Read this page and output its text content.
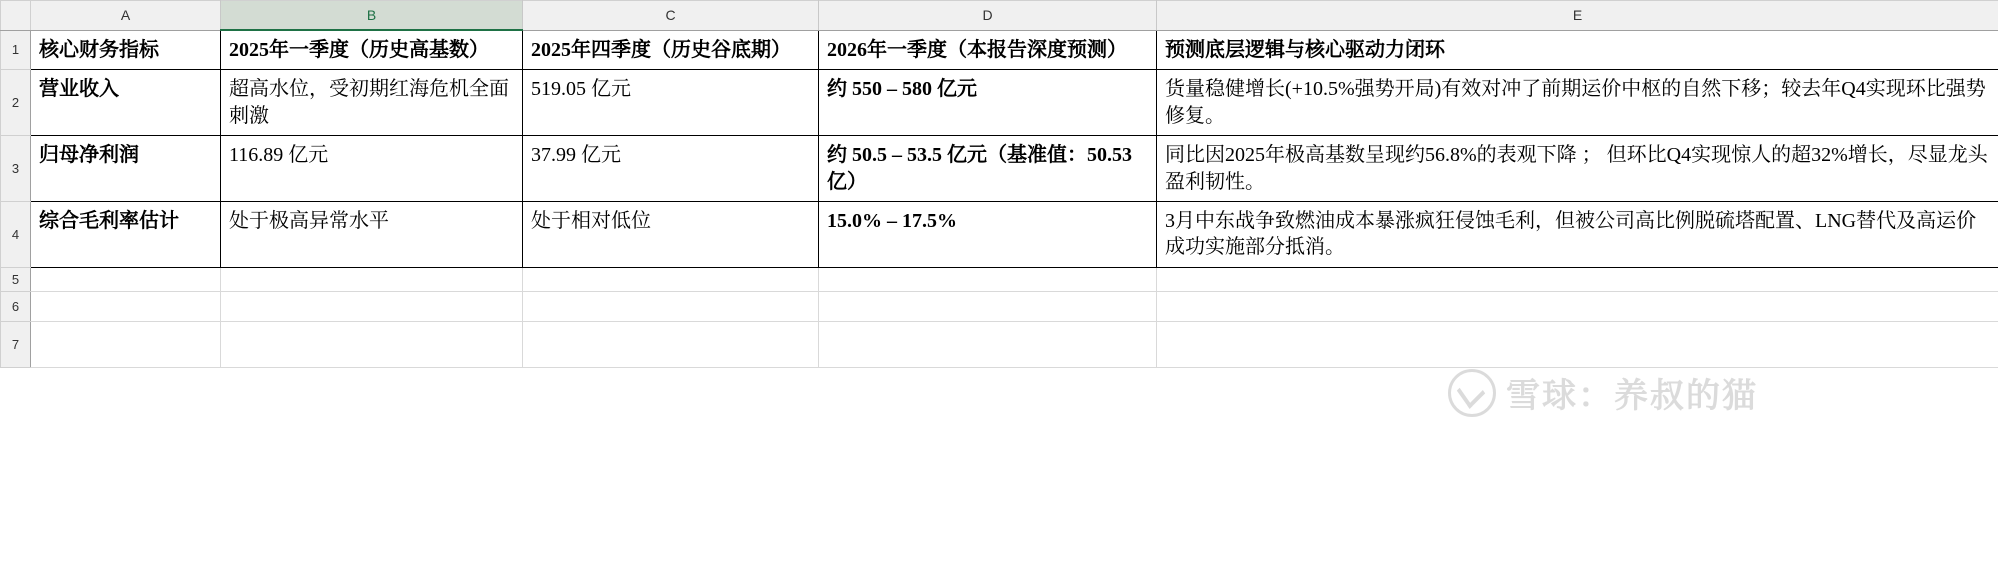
	A	B	C	D	E
1	核心财务指标	2025年一季度（历史高基数）	2025年四季度（历史谷底期）	2026年一季度（本报告深度预测）	预测底层逻辑与核心驱动力闭环
2	营业收入	超高水位，受初期红海危机全面刺激	519.05 亿元	约 550 – 580 亿元	货量稳健增长(+10.5%强势开局)有效对冲了前期运价中枢的自然下移；较去年Q4实现环比强势修复。
3	归母净利润	116.89 亿元	37.99 亿元	约 50.5 – 53.5 亿元（基准值：50.53亿）	同比因2025年极高基数呈现约56.8%的表观下降 ； 但环比Q4实现惊人的超32%增长，尽显龙头盈利韧性。
4	综合毛利率估计	处于极高异常水平	处于相对低位	15.0% – 17.5%	3月中东战争致燃油成本暴涨疯狂侵蚀毛利，但被公司高比例脱硫塔配置、LNG替代及高运价成功实施部分抵消。
5					
6					
7					
雪球：养叔的猫
